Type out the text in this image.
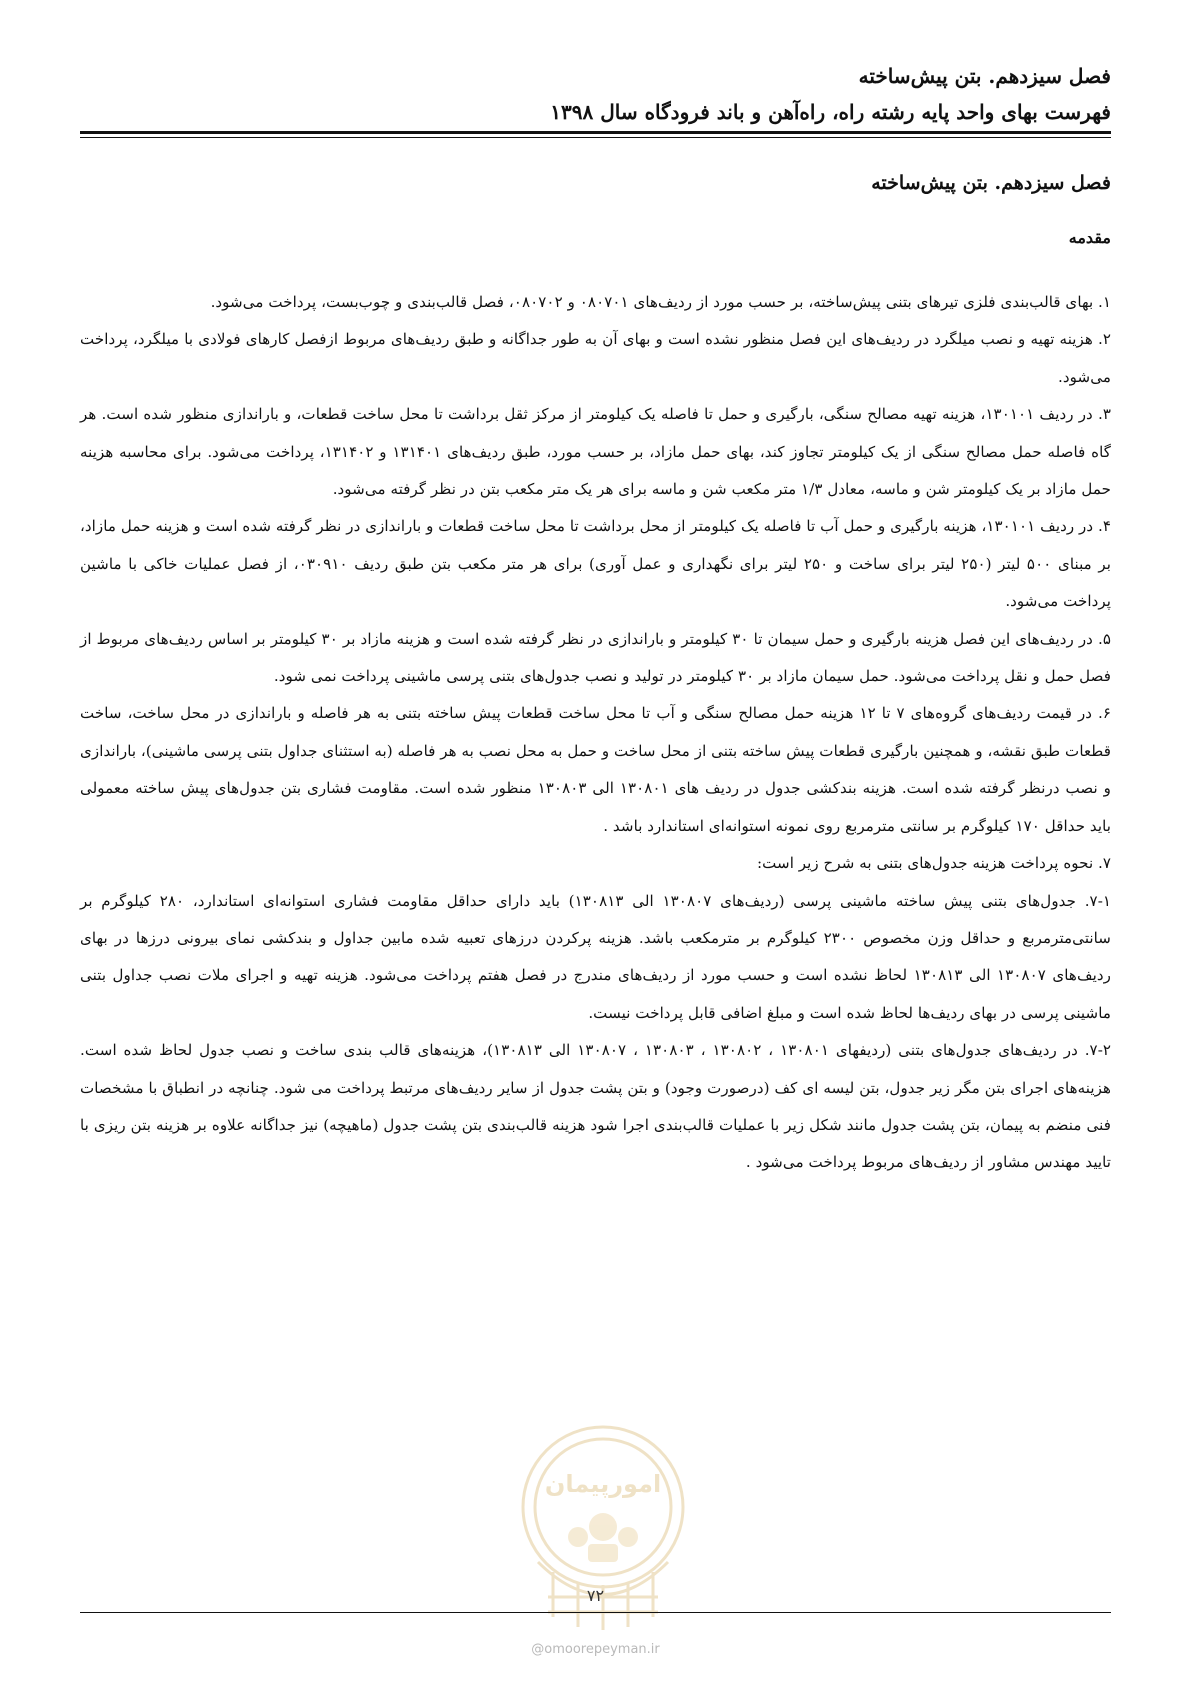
فصل سیزدهم. بتن پیش‌ساخته
فهرست بهای واحد پایه رشته راه، راه‌آهن و باند فرودگاه سال ۱۳۹۸
فصل سیزدهم. بتن پیش‌ساخته
مقدمه

۱. بهای قالب‌بندی فلزی تیرهای بتنی پیش‌ساخته، بر حسب مورد از ردیف‌های ۰۸۰۷۰۱ و ۰۸۰۷۰۲، فصل قالب‌بندی و چوب‌بست، پرداخت می‌شود.

۲. هزینه تهیه و نصب میلگرد در ردیف‌های این فصل منظور نشده است و بهای آن به طور جداگانه و طبق ردیف‌های مربوط ازفصل کارهای فولادی با میلگرد، پرداخت می‌شود.

۳. در ردیف ۱۳۰۱۰۱، هزینه تهیه مصالح سنگی، بارگیری و حمل تا فاصله یک کیلومتر از مرکز ثقل برداشت تا محل ساخت قطعات، و باراندازی منظور شده است. هر گاه فاصله حمل مصالح سنگی از یک کیلومتر تجاوز کند، بهای حمل مازاد، بر حسب مورد، طبق ردیف‌های ۱۳۱۴۰۱ و ۱۳۱۴۰۲، پرداخت می‌شود. برای محاسبه هزینه حمل مازاد بر یک کیلومتر شن و ماسه، معادل ۱/۳ متر مکعب شن و ماسه برای هر یک متر مکعب بتن در نظر گرفته می‌شود.

۴. در ردیف ۱۳۰۱۰۱، هزینه بارگیری و حمل آب تا فاصله یک کیلومتر از محل برداشت تا محل ساخت قطعات و باراندازی در نظر گرفته شده است و هزینه حمل مازاد، بر مبنای ۵۰۰ لیتر (۲۵۰ لیتر برای ساخت و ۲۵۰ لیتر برای نگهداری و عمل آوری) برای هر متر مکعب بتن طبق ردیف ۰۳۰۹۱۰، از فصل عملیات خاکی با ماشین پرداخت می‌شود.

۵. در ردیف‌های این فصل هزینه بارگیری و حمل سیمان تا ۳۰ کیلومتر و باراندازی در نظر گرفته شده است و هزینه مازاد بر ۳۰ کیلومتر بر اساس ردیف‌های مربوط از فصل حمل و نقل پرداخت می‌شود. حمل سیمان مازاد بر ۳۰ کیلومتر در تولید و نصب جدول‌های بتنی پرسی ماشینی پرداخت نمی شود.

۶. در قیمت ردیف‌های گروه‌های ۷ تا ۱۲ هزینه حمل مصالح سنگی و آب تا محل ساخت قطعات پیش ساخته بتنی به هر فاصله و باراندازی در محل ساخت، ساخت قطعات طبق نقشه، و همچنین بارگیری قطعات پیش ساخته بتنی از محل ساخت و حمل به محل نصب به هر فاصله (به استثنای جداول بتنی پرسی ماشینی)، باراندازی و نصب درنظر گرفته شده است. هزینه بندکشی جدول در ردیف های ۱۳۰۸۰۱ الی ۱۳۰۸۰۳ منظور شده است. مقاومت فشاری بتن جدول‌های پیش ساخته معمولی باید حداقل ۱۷۰ کیلوگرم بر سانتی مترمربع روی نمونه استوانه‌ای استاندارد باشد .

۷. نحوه پرداخت هزینه جدول‌های بتنی به شرح زیر است:

۷-۱. جدول‌های بتنی پیش ساخته ماشینی پرسی (ردیف‌های ۱۳۰۸۰۷ الی ۱۳۰۸۱۳) باید دارای حداقل مقاومت فشاری استوانه‌ای استاندارد، ۲۸۰ کیلوگرم بر سانتی‌مترمربع و حداقل وزن مخصوص ۲۳۰۰ کیلوگرم بر مترمکعب باشد. هزینه پرکردن درزهای تعبیه شده مابین جداول و بندکشی نمای بیرونی درزها در بهای ردیف‌های ۱۳۰۸۰۷ الی ۱۳۰۸۱۳ لحاظ نشده است و حسب مورد از ردیف‌های مندرج در فصل هفتم پرداخت می‌شود. هزینه تهیه و اجرای ملات نصب جداول بتنی ماشینی پرسی در بهای ردیف‌ها لحاظ شده است و مبلغ اضافی قابل پرداخت نیست.

۷-۲. در ردیف‌های جدول‌های بتنی (ردیفهای ۱۳۰۸۰۱ ، ۱۳۰۸۰۲ ، ۱۳۰۸۰۳ ، ۱۳۰۸۰۷ الی ۱۳۰۸۱۳)، هزینه‌های قالب بندی ساخت و نصب جدول لحاظ شده است. هزینه‌های اجرای بتن مگر زیر جدول، بتن لیسه ای کف (درصورت وجود) و بتن پشت جدول از سایر ردیف‌های مرتبط پرداخت می شود. چنانچه در انطباق با مشخصات فنی منضم به پیمان، بتن پشت جدول مانند شکل زیر با عملیات قالب‌بندی اجرا شود هزینه قالب‌بندی بتن پشت جدول (ماهیچه) نیز جداگانه علاوه بر هزینه بتن ریزی با تایید مهندس مشاور از ردیف‌های مربوط پرداخت می‌شود .

امورپیمان
۷۲
@omoorepeyman.ir
